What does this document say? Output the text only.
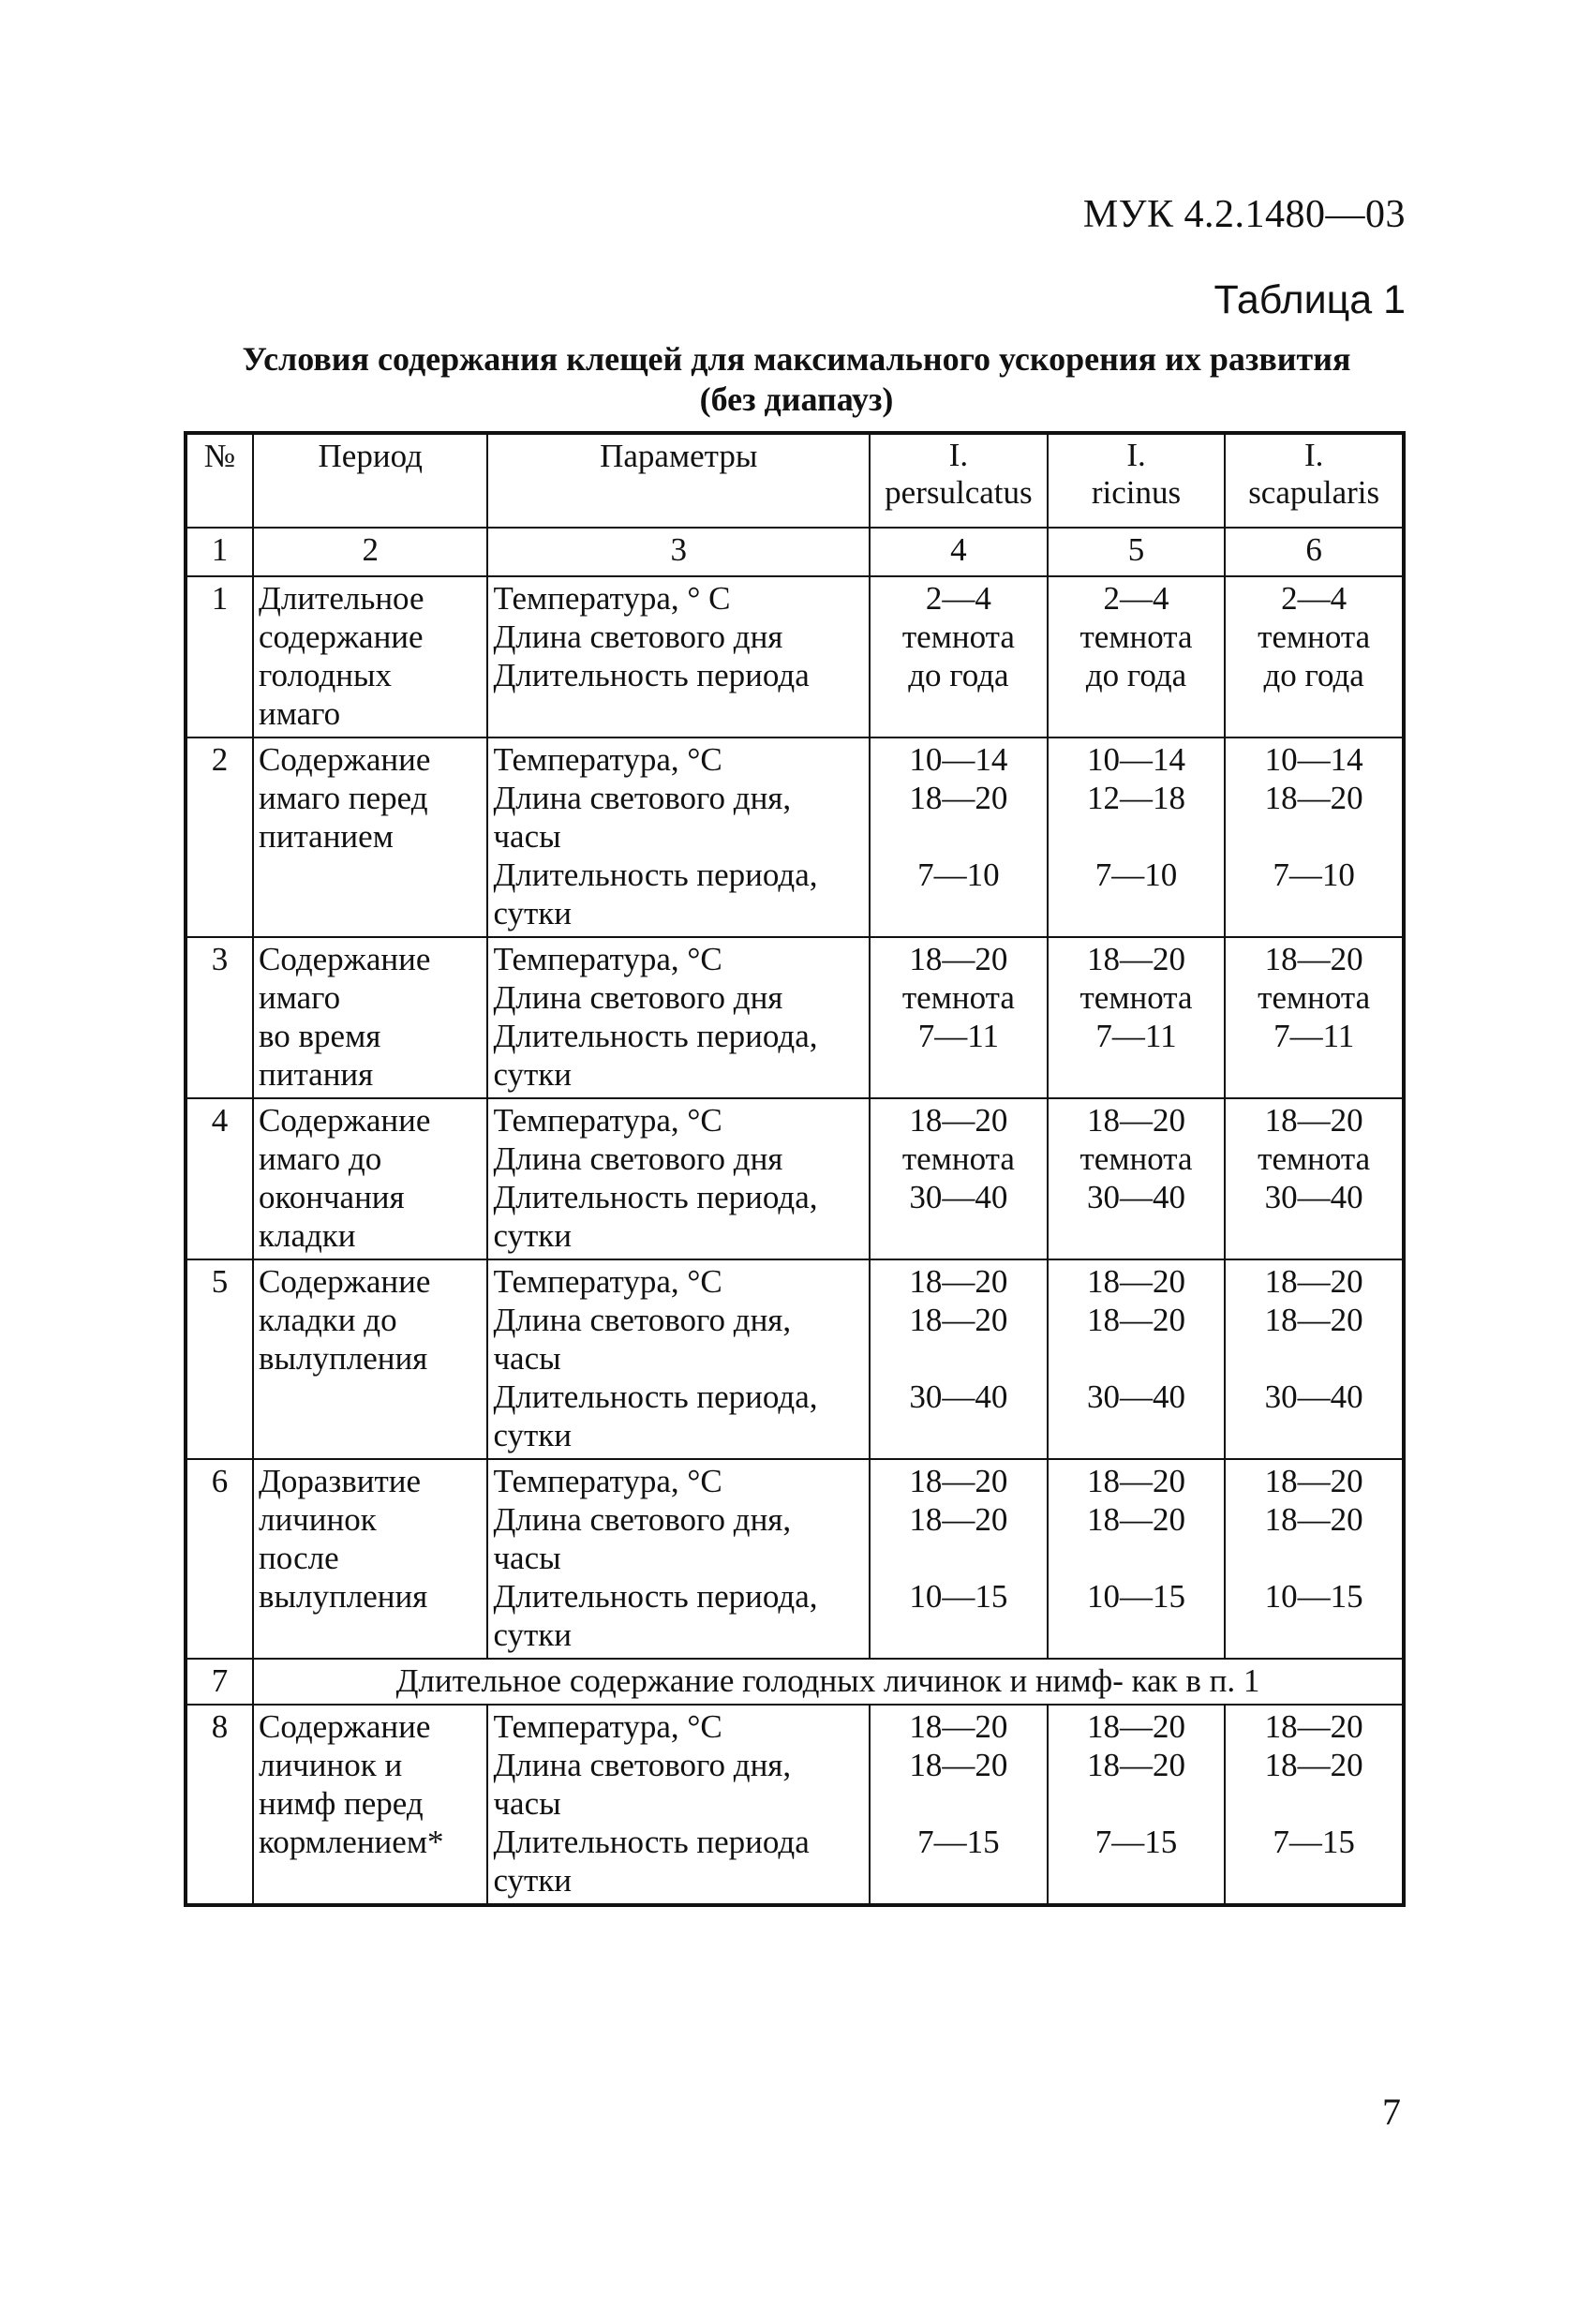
МУК 4.2.1480—03
Таблица 1
Условия содержания клещей для максимального ускорения их развития
(без диапауз)
№	Период	Параметры	I.
persulcatus	I.
ricinus	I.
scapularis

1	2	3	4	5	6
1	Длительное
содержание
голодных
имаго	Температура, ° С
Длина светового дня
Длительность периода	2—4
темнота
до года	2—4
темнота
до года	2—4
темнота
до года

2	Содержание
имаго перед
питанием	Температура, °С
Длина светового дня,
часы
Длительность периода,
сутки	10—14
18—20
7—10	10—14
12—18
7—10	10—14
18—20
7—10

3	Содержание
имаго
во время
питания	Температура, °С
Длина светового дня
Длительность периода,
сутки	18—20
темнота
7—11	18—20
темнота
7—11	18—20
темнота
7—11

4	Содержание
имаго до
окончания
кладки	Температура, °С
Длина светового дня
Длительность периода,
сутки	18—20
темнота
30—40	18—20
темнота
30—40	18—20
темнота
30—40

5	Содержание
кладки до
вылупления	Температура, °С
Длина светового дня,
часы
Длительность периода,
сутки	18—20
18—20
30—40	18—20
18—20
30—40	18—20
18—20
30—40

6	Доразвитие
личинок
после
вылупления	Температура, °С
Длина светового дня,
часы
Длительность периода,
сутки	18—20
18—20
10—15	18—20
18—20
10—15	18—20
18—20
10—15

7	Длительное содержание голодных личинок и нимф- как в п. 1				
8	Содержание
личинок и
нимф перед
кормлением*	Температура, °С
Длина светового дня,
часы
Длительность периода
сутки	18—20
18—20
7—15	18—20
18—20
7—15	18—20
18—20
7—15
7
